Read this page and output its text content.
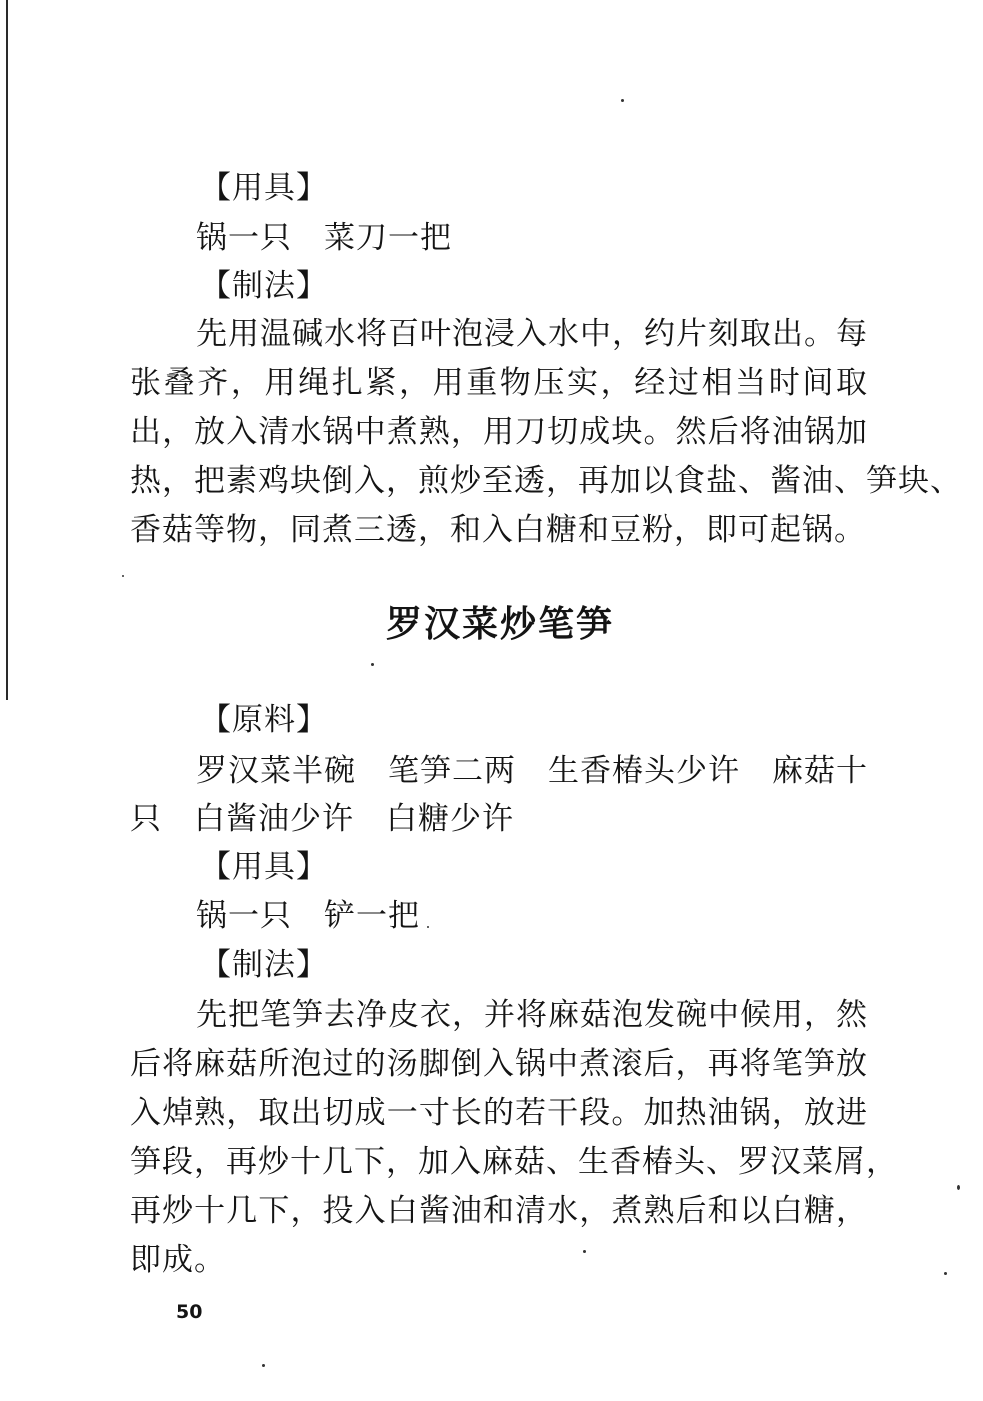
【用具】
锅一只　菜刀一把
【制法】
先用温碱水将百叶泡浸入水中，约片刻取出。每
张叠齐，用绳扎紧，用重物压实，经过相当时间取
出，放入清水锅中煮熟，用刀切成块。然后将油锅加
热，把素鸡块倒入，煎炒至透，再加以食盐、酱油、笋块、
香菇等物，同煮三透，和入白糖和豆粉，即可起锅。
罗汉菜炒笔笋
【原料】
罗汉菜半碗　笔笋二两　生香椿头少许　麻菇十
只　白酱油少许　白糖少许
【用具】
锅一只　铲一把
【制法】
先把笔笋去净皮衣，并将麻菇泡发碗中候用，然
后将麻菇所泡过的汤脚倒入锅中煮滚后，再将笔笋放
入焯熟，取出切成一寸长的若干段。加热油锅，放进
笋段，再炒十几下，加入麻菇、生香椿头、罗汉菜屑，
再炒十几下，投入白酱油和清水，煮熟后和以白糖，
即成。
50
